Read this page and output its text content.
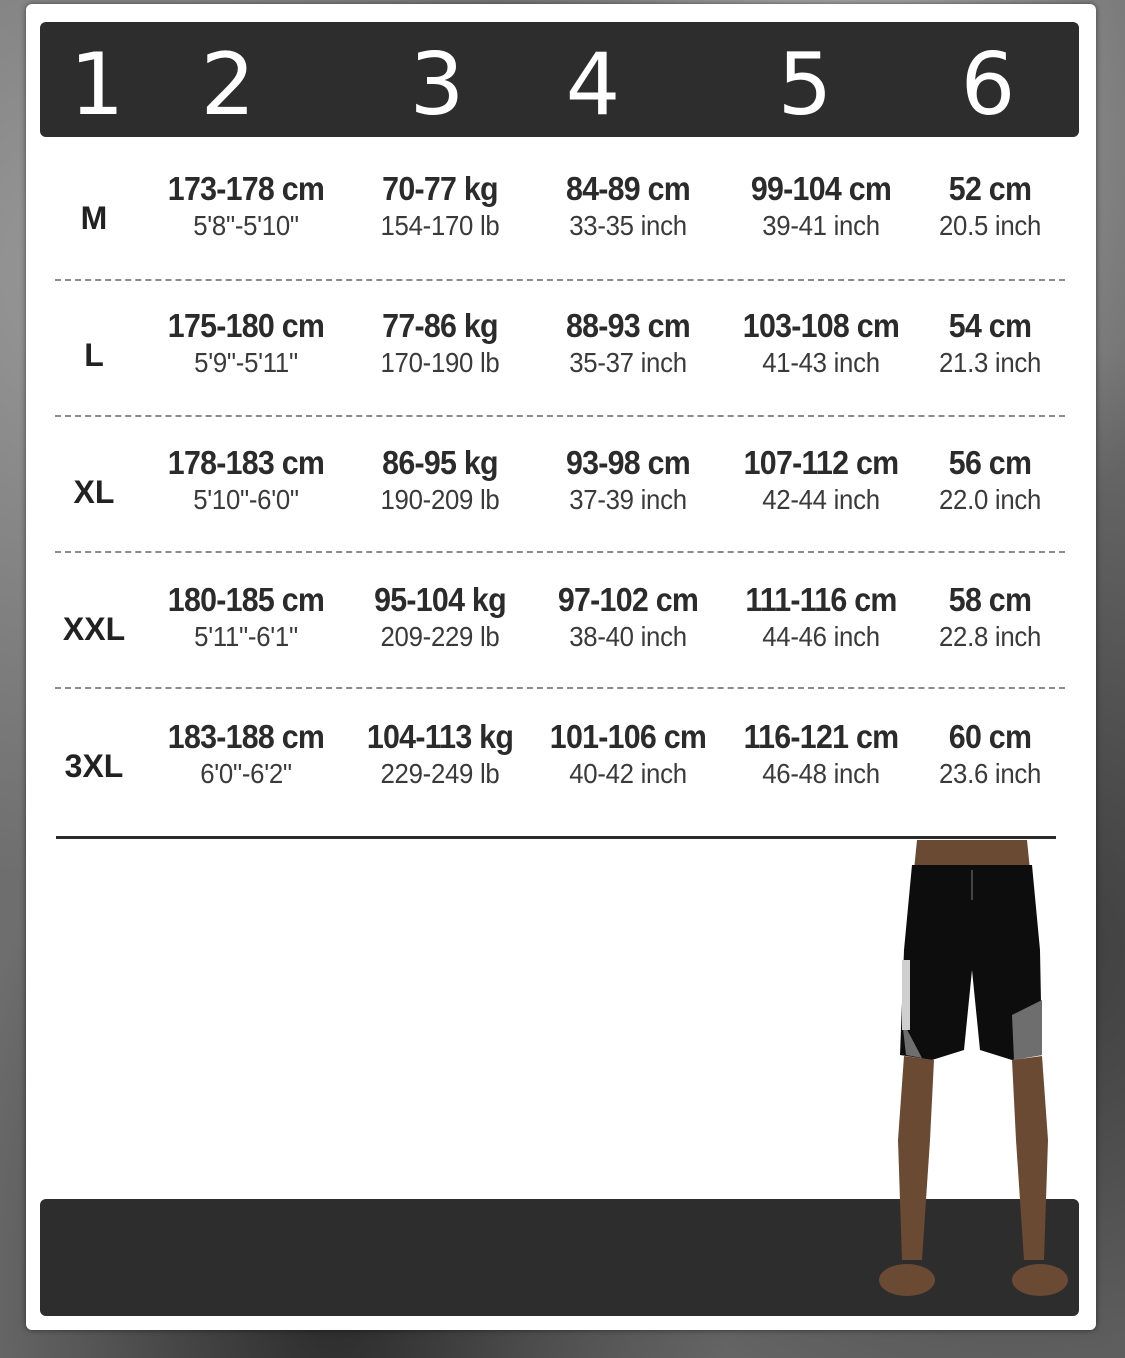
1 2 3 4 5 6
M
173-178 cm
5'8"-5'10"
70-77 kg
154-170 lb
84-89 cm
33-35 inch
99-104 cm
39-41 inch
52 cm
20.5 inch
L
175-180 cm
5'9"-5'11"
77-86 kg
170-190 lb
88-93 cm
35-37 inch
103-108 cm
41-43 inch
54 cm
21.3 inch
XL
178-183 cm
5'10"-6'0"
86-95 kg
190-209 lb
93-98 cm
37-39 inch
107-112 cm
42-44 inch
56 cm
22.0 inch
XXL
180-185 cm
5'11"-6'1"
95-104 kg
209-229 lb
97-102 cm
38-40 inch
111-116 cm
44-46 inch
58 cm
22.8 inch
3XL
183-188 cm
6'0"-6'2"
104-113 kg
229-249 lb
101-106 cm
40-42 inch
116-121 cm
46-48 inch
60 cm
23.6 inch
